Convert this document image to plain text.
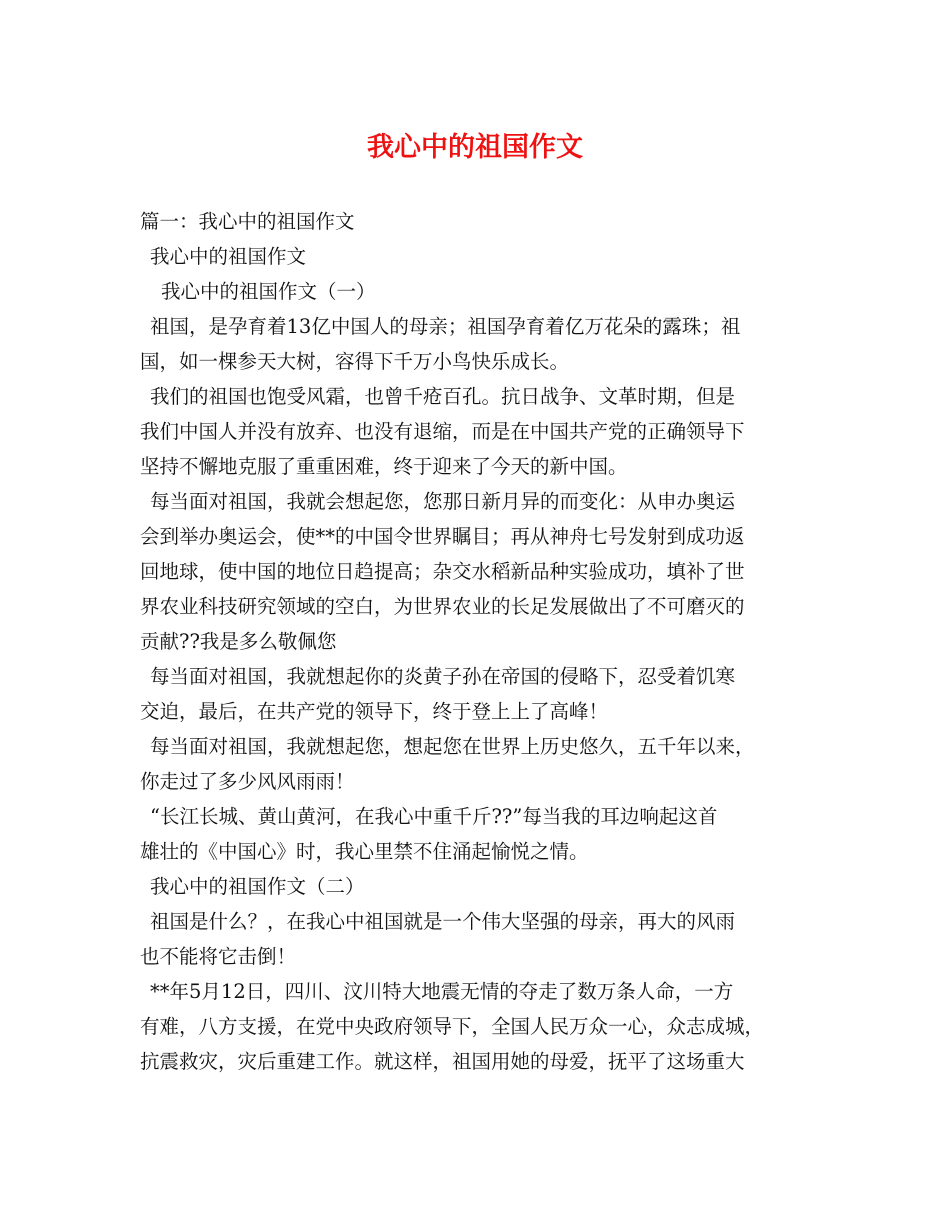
我心中的祖国作文
篇一：我心中的祖国作文
我心中的祖国作文
我心中的祖国作文（一）
祖国，是孕育着13亿中国人的母亲；祖国孕育着亿万花朵的露珠；祖
国，如一棵参天大树，容得下千万小鸟快乐成长。
我们的祖国也饱受风霜，也曾千疮百孔。抗日战争、文革时期，但是
我们中国人并没有放弃、也没有退缩，而是在中国共产党的正确领导下
坚持不懈地克服了重重困难，终于迎来了今天的新中国。
每当面对祖国，我就会想起您，您那日新月异的而变化：从申办奥运
会到举办奥运会，使**的中国令世界瞩目；再从神舟七号发射到成功返
回地球，使中国的地位日趋提高；杂交水稻新品种实验成功，填补了世
界农业科技研究领域的空白，为世界农业的长足发展做出了不可磨灭的
贡献??我是多么敬佩您
每当面对祖国，我就想起你的炎黄子孙在帝国的侵略下，忍受着饥寒
交迫，最后，在共产党的领导下，终于登上上了高峰！
每当面对祖国，我就想起您，想起您在世界上历史悠久，五千年以来，
你走过了多少风风雨雨！
“长江长城、黄山黄河，在我心中重千斤??”每当我的耳边响起这首
雄壮的《中国心》时，我心里禁不住涌起愉悦之情。
我心中的祖国作文（二）
祖国是什么？，在我心中祖国就是一个伟大坚强的母亲，再大的风雨
也不能将它击倒！
**年5月12日，四川、汶川特大地震无情的夺走了数万条人命，一方
有难，八方支援，在党中央政府领导下，全国人民万众一心，众志成城，
抗震救灾，灾后重建工作。就这样，祖国用她的母爱，抚平了这场重大
